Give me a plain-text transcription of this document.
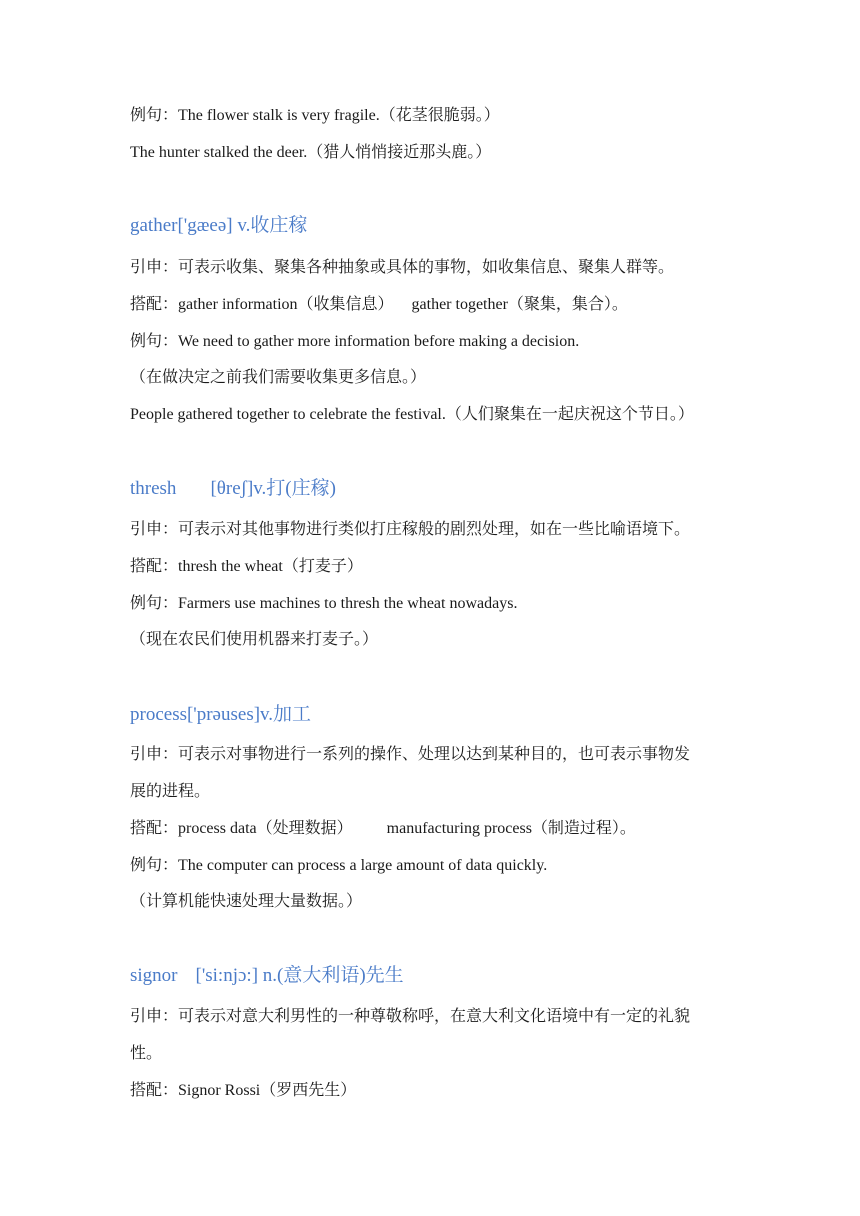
例句：The flower stalk is very fragile.（花茎很脆弱。）
The hunter stalked the deer.（猎人悄悄接近那头鹿。）
gather['gæeə] v.收庄稼
引申：可表示收集、聚集各种抽象或具体的事物，如收集信息、聚集人群等。
搭配：gather information（收集信息） gather together（聚集，集合）。
例句：We need to gather more information before making a decision.
（在做决定之前我们需要收集更多信息。）
People gathered together to celebrate the festival.（人们聚集在一起庆祝这个节日。）
thresh [θreʃ]v.打(庄稼)
引申：可表示对其他事物进行类似打庄稼般的剧烈处理，如在一些比喻语境下。
搭配：thresh the wheat（打麦子）
例句：Farmers use machines to thresh the wheat nowadays.
（现在农民们使用机器来打麦子。）
process['prəuses]v.加工
引申：可表示对事物进行一系列的操作、处理以达到某种目的，也可表示事物发
展的进程。
搭配：process data（处理数据） manufacturing process（制造过程）。
例句：The computer can process a large amount of data quickly.
（计算机能快速处理大量数据。）
signor ['si:njɔ:] n.(意大利语)先生
引申：可表示对意大利男性的一种尊敬称呼，在意大利文化语境中有一定的礼貌
性。
搭配：Signor Rossi（罗西先生）
